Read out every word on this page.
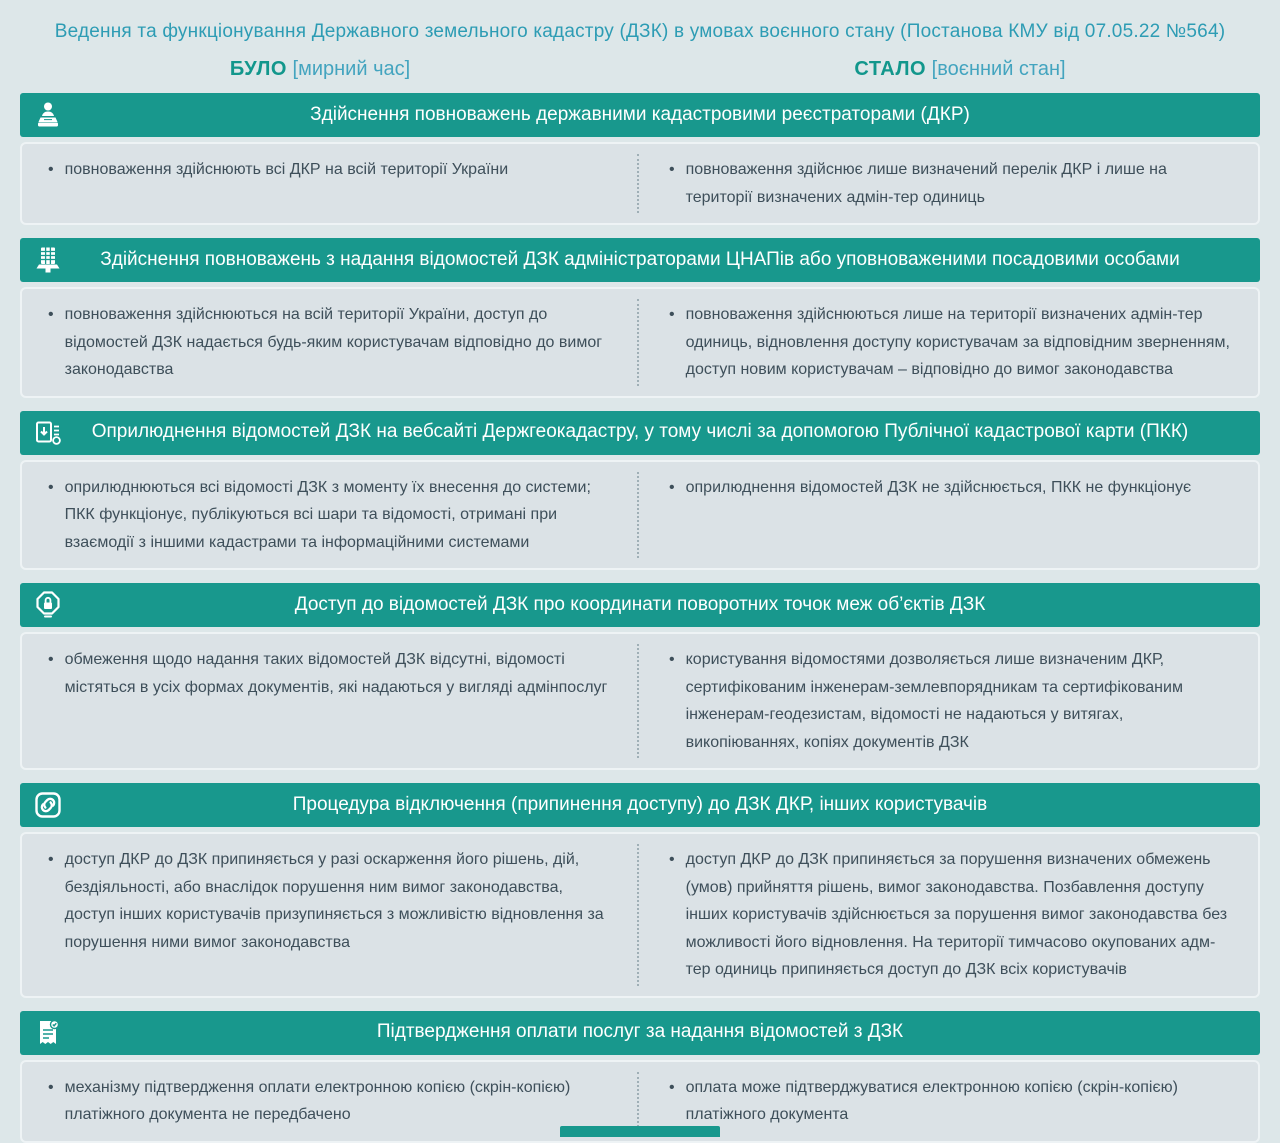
Ведення та функціонування Державного земельного кадастру (ДЗК) в умовах воєнного стану (Постанова КМУ від 07.05.22 №564)
БУЛО [мирний час]	СТАЛО [воєнний стан]
Здійснення повноважень державними кадастровими реєстраторами (ДКР)

• повноваження здійснюють всі ДКР на всій території України	• повноваження здійснює лише визначений перелік ДКР і лише на території визначених адмін-тер одиниць

Здійснення повноважень з надання відомостей ДЗК адміністраторами ЦНАПів або уповноваженими посадовими особами

• повноваження здійснюються на всій території України, доступ до відомостей ДЗК надається будь-яким користувачам відповідно до вимог законодавства

• повноваження здійснюються лише на території визначених адмін-тер одиниць, відновлення доступу користувачам за відповідним зверненням, доступ новим користувачам – відповідно до вимог законодавства

Оприлюднення відомостей ДЗК на вебсайті Держгеокадастру, у тому числі за допомогою Публічної кадастрової карти (ПКК)

• оприлюднюються всі відомості ДЗК з моменту їх внесення до системи; ПКК функціонує, публікуються всі шари та відомості, отримані при взаємодії з іншими кадастрами та інформаційними системами

• оприлюднення відомостей ДЗК не здійснюється, ПКК не функціонує

Доступ до відомостей ДЗК про координати поворотних точок меж об’єктів ДЗК

• обмеження щодо надання таких відомостей ДЗК відсутні, відомості містяться в усіх формах документів, які надаються у вигляді адмінпослуг

• користування відомостями дозволяється лише визначеним ДКР, сертифікованим інженерам-землевпорядникам та сертифікованим інженерам-геодезистам, відомості не надаються у витягах, викопіюваннях, копіях документів ДЗК

Процедура відключення (припинення доступу) до ДЗК ДКР, інших користувачів

• доступ ДКР до ДЗК припиняється у разі оскарження його рішень, дій, бездіяльності, або внаслідок порушення ним вимог законодавства, доступ інших користувачів призупиняється з можливістю відновлення за порушення ними вимог законодавства

• доступ ДКР до ДЗК припиняється за порушення визначених обмежень (умов) прийняття рішень, вимог законодавства. Позбавлення доступу інших користувачів здійснюється за порушення вимог законодавства без можливості його відновлення. На території тимчасово окупованих адм-тер одиниць припиняється доступ до ДЗК всіх користувачів

Підтвердження оплати послуг за надання відомостей з ДЗК

• механізму підтвердження оплати електронною копією (скрін-копією) платіжного документа не передбачено

• оплата може підтверджуватися електронною копією (скрін-копією) платіжного документа
